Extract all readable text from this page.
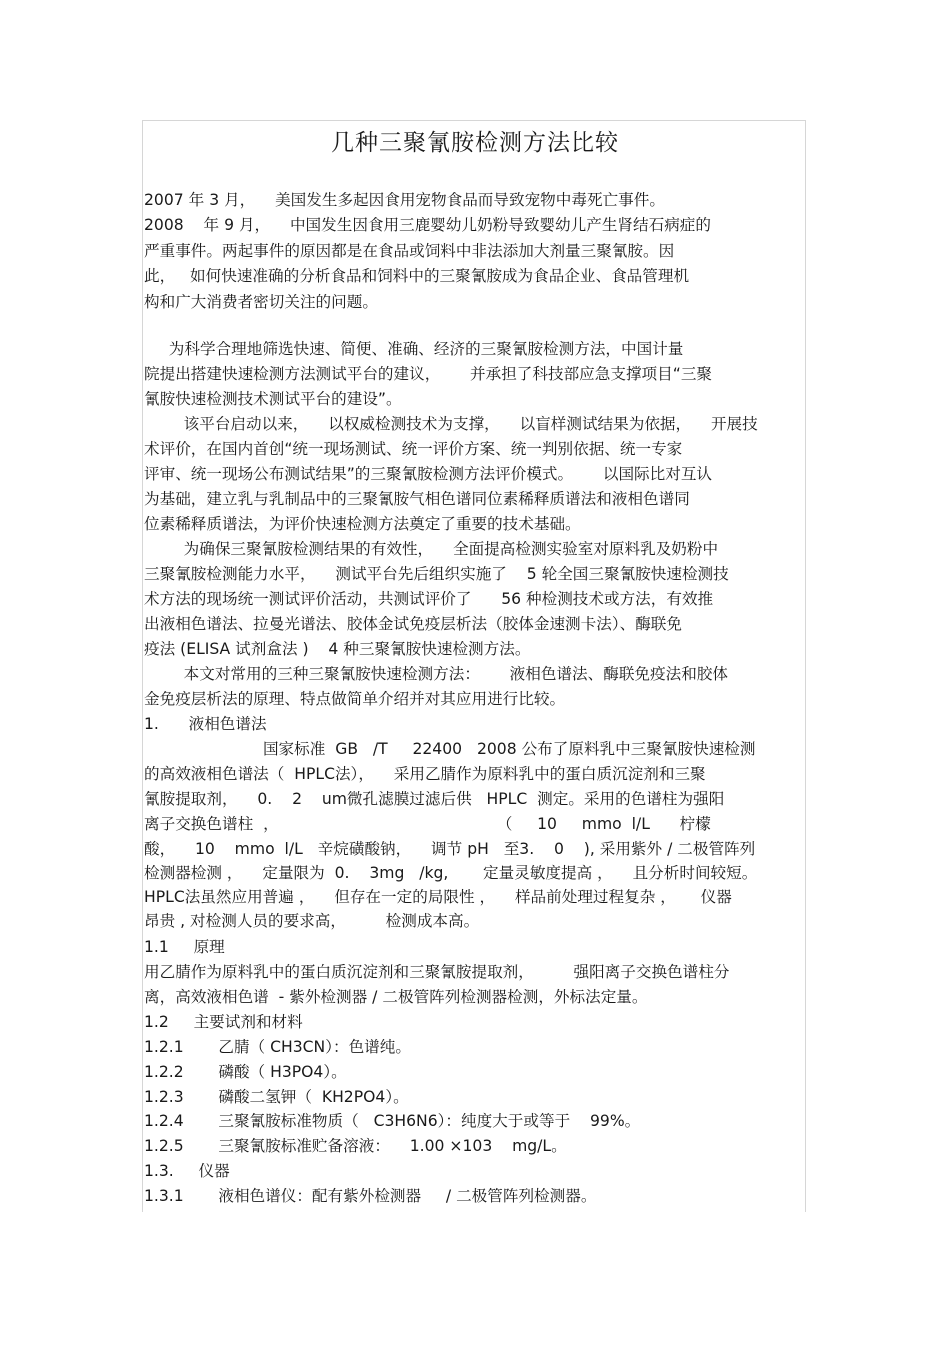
几种三聚氰胺检测方法比较
2007 年 3 月，    美国发生多起因食用宠物食品而导致宠物中毒死亡事件。
2008    年 9 月，    中国发生因食用三鹿婴幼儿奶粉导致婴幼儿产生肾结石病症的
严重事件。两起事件的原因都是在食品或饲料中非法添加大剂量三聚氰胺。因
此，   如何快速准确的分析食品和饲料中的三聚氰胺成为食品企业、食品管理机
构和广大消费者密切关注的问题。
为科学合理地筛选快速、简便、准确、经济的三聚氰胺检测方法，中国计量
院提出搭建快速检测方法测试平台的建议，      并承担了科技部应急支撑项目“三聚
氰胺快速检测技术测试平台的建设”。
该平台启动以来，    以权威检测技术为支撑，    以盲样测试结果为依据，    开展技
术评价，在国内首创“统一现场测试、统一评价方案、统一判别依据、统一专家
评审、统一现场公布测试结果”的三聚氰胺检测方法评价模式。      以国际比对互认
为基础，建立乳与乳制品中的三聚氰胺气相色谱同位素稀释质谱法和液相色谱同
位素稀释质谱法，为评价快速检测方法奠定了重要的技术基础。
为确保三聚氰胺检测结果的有效性，    全面提高检测实验室对原料乳及奶粉中
三聚氰胺检测能力水平，    测试平台先后组织实施了    5 轮全国三聚氰胺快速检测技
术方法的现场统一测试评价活动，共测试评价了      56 种检测技术或方法，有效推
出液相色谱法、拉曼光谱法、胶体金试免疫层析法（胶体金速测卡法）、酶联免
疫法 (ELISA 试剂盒法 )    4 种三聚氰胺快速检测方法。
本文对常用的三种三聚氰胺快速检测方法：      液相色谱法、酶联免疫法和胶体
金免疫层析法的原理、特点做简单介绍并对其应用进行比较。
1.      液相色谱法
国家标准  GB   /T     22400   2008 公布了原料乳中三聚氰胺快速检测
的高效液相色谱法（  HPLC法），    采用乙腈作为原料乳中的蛋白质沉淀剂和三聚
氰胺提取剂，    0.    2    um微孔滤膜过滤后供   HPLC  测定。采用的色谱柱为强阳
离子交换色谱柱  ，                                            （     10     mmo  l/L      柠檬
酸，    10    mmo  l/L   辛烷磺酸钠，    调节 pH   至3.    0    ), 采用紫外 / 二极管阵列
检测器检测 ，    定量限为  0.    3mg   /kg,       定量灵敏度提高 ，    且分析时间较短。
HPLC法虽然应用普遍 ，    但存在一定的局限性 ，    样品前处理过程复杂 ，     仪器
昂贵 , 对检测人员的要求高，        检测成本高。
1.1     原理
用乙腈作为原料乳中的蛋白质沉淀剂和三聚氰胺提取剂，        强阳离子交换色谱柱分
离，高效液相色谱  - 紫外检测器 / 二极管阵列检测器检测，外标法定量。
1.2     主要试剂和材料
1.2.1       乙腈（ CH3CN）：色谱纯。
1.2.2       磷酸（ H3PO4）。
1.2.3       磷酸二氢钾（  KH2PO4）。
1.2.4       三聚氰胺标准物质（   C3H6N6）：纯度大于或等于    99%。
1.2.5       三聚氰胺标准贮备溶液：    1.00 ×103    mg/L。
1.3.     仪器
1.3.1       液相色谱仪：配有紫外检测器     / 二极管阵列检测器。
